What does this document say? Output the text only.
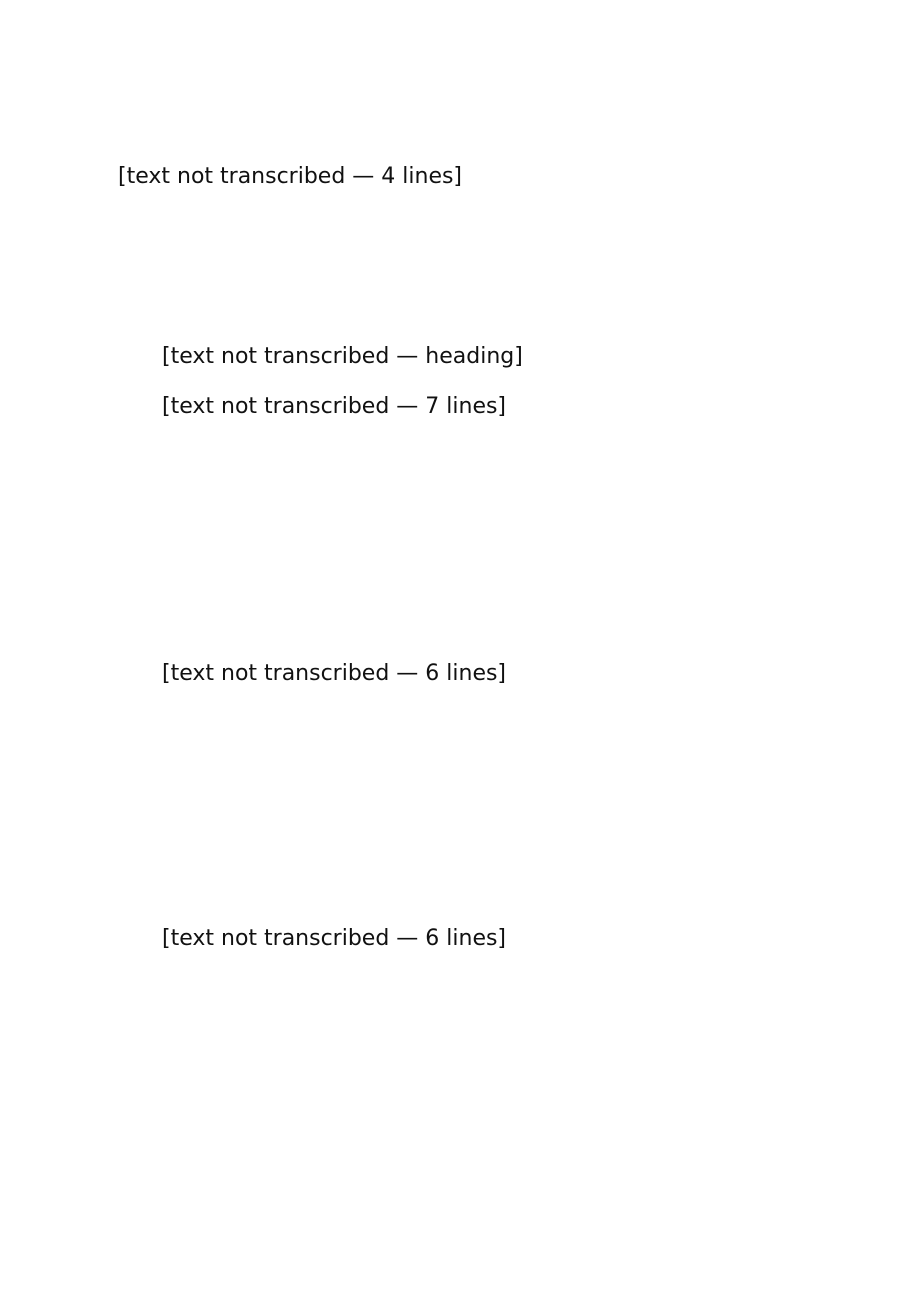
[text not transcribed — 4 lines]
[text not transcribed — heading]
[text not transcribed — 7 lines]
[text not transcribed — 6 lines]
[text not transcribed — 6 lines]
